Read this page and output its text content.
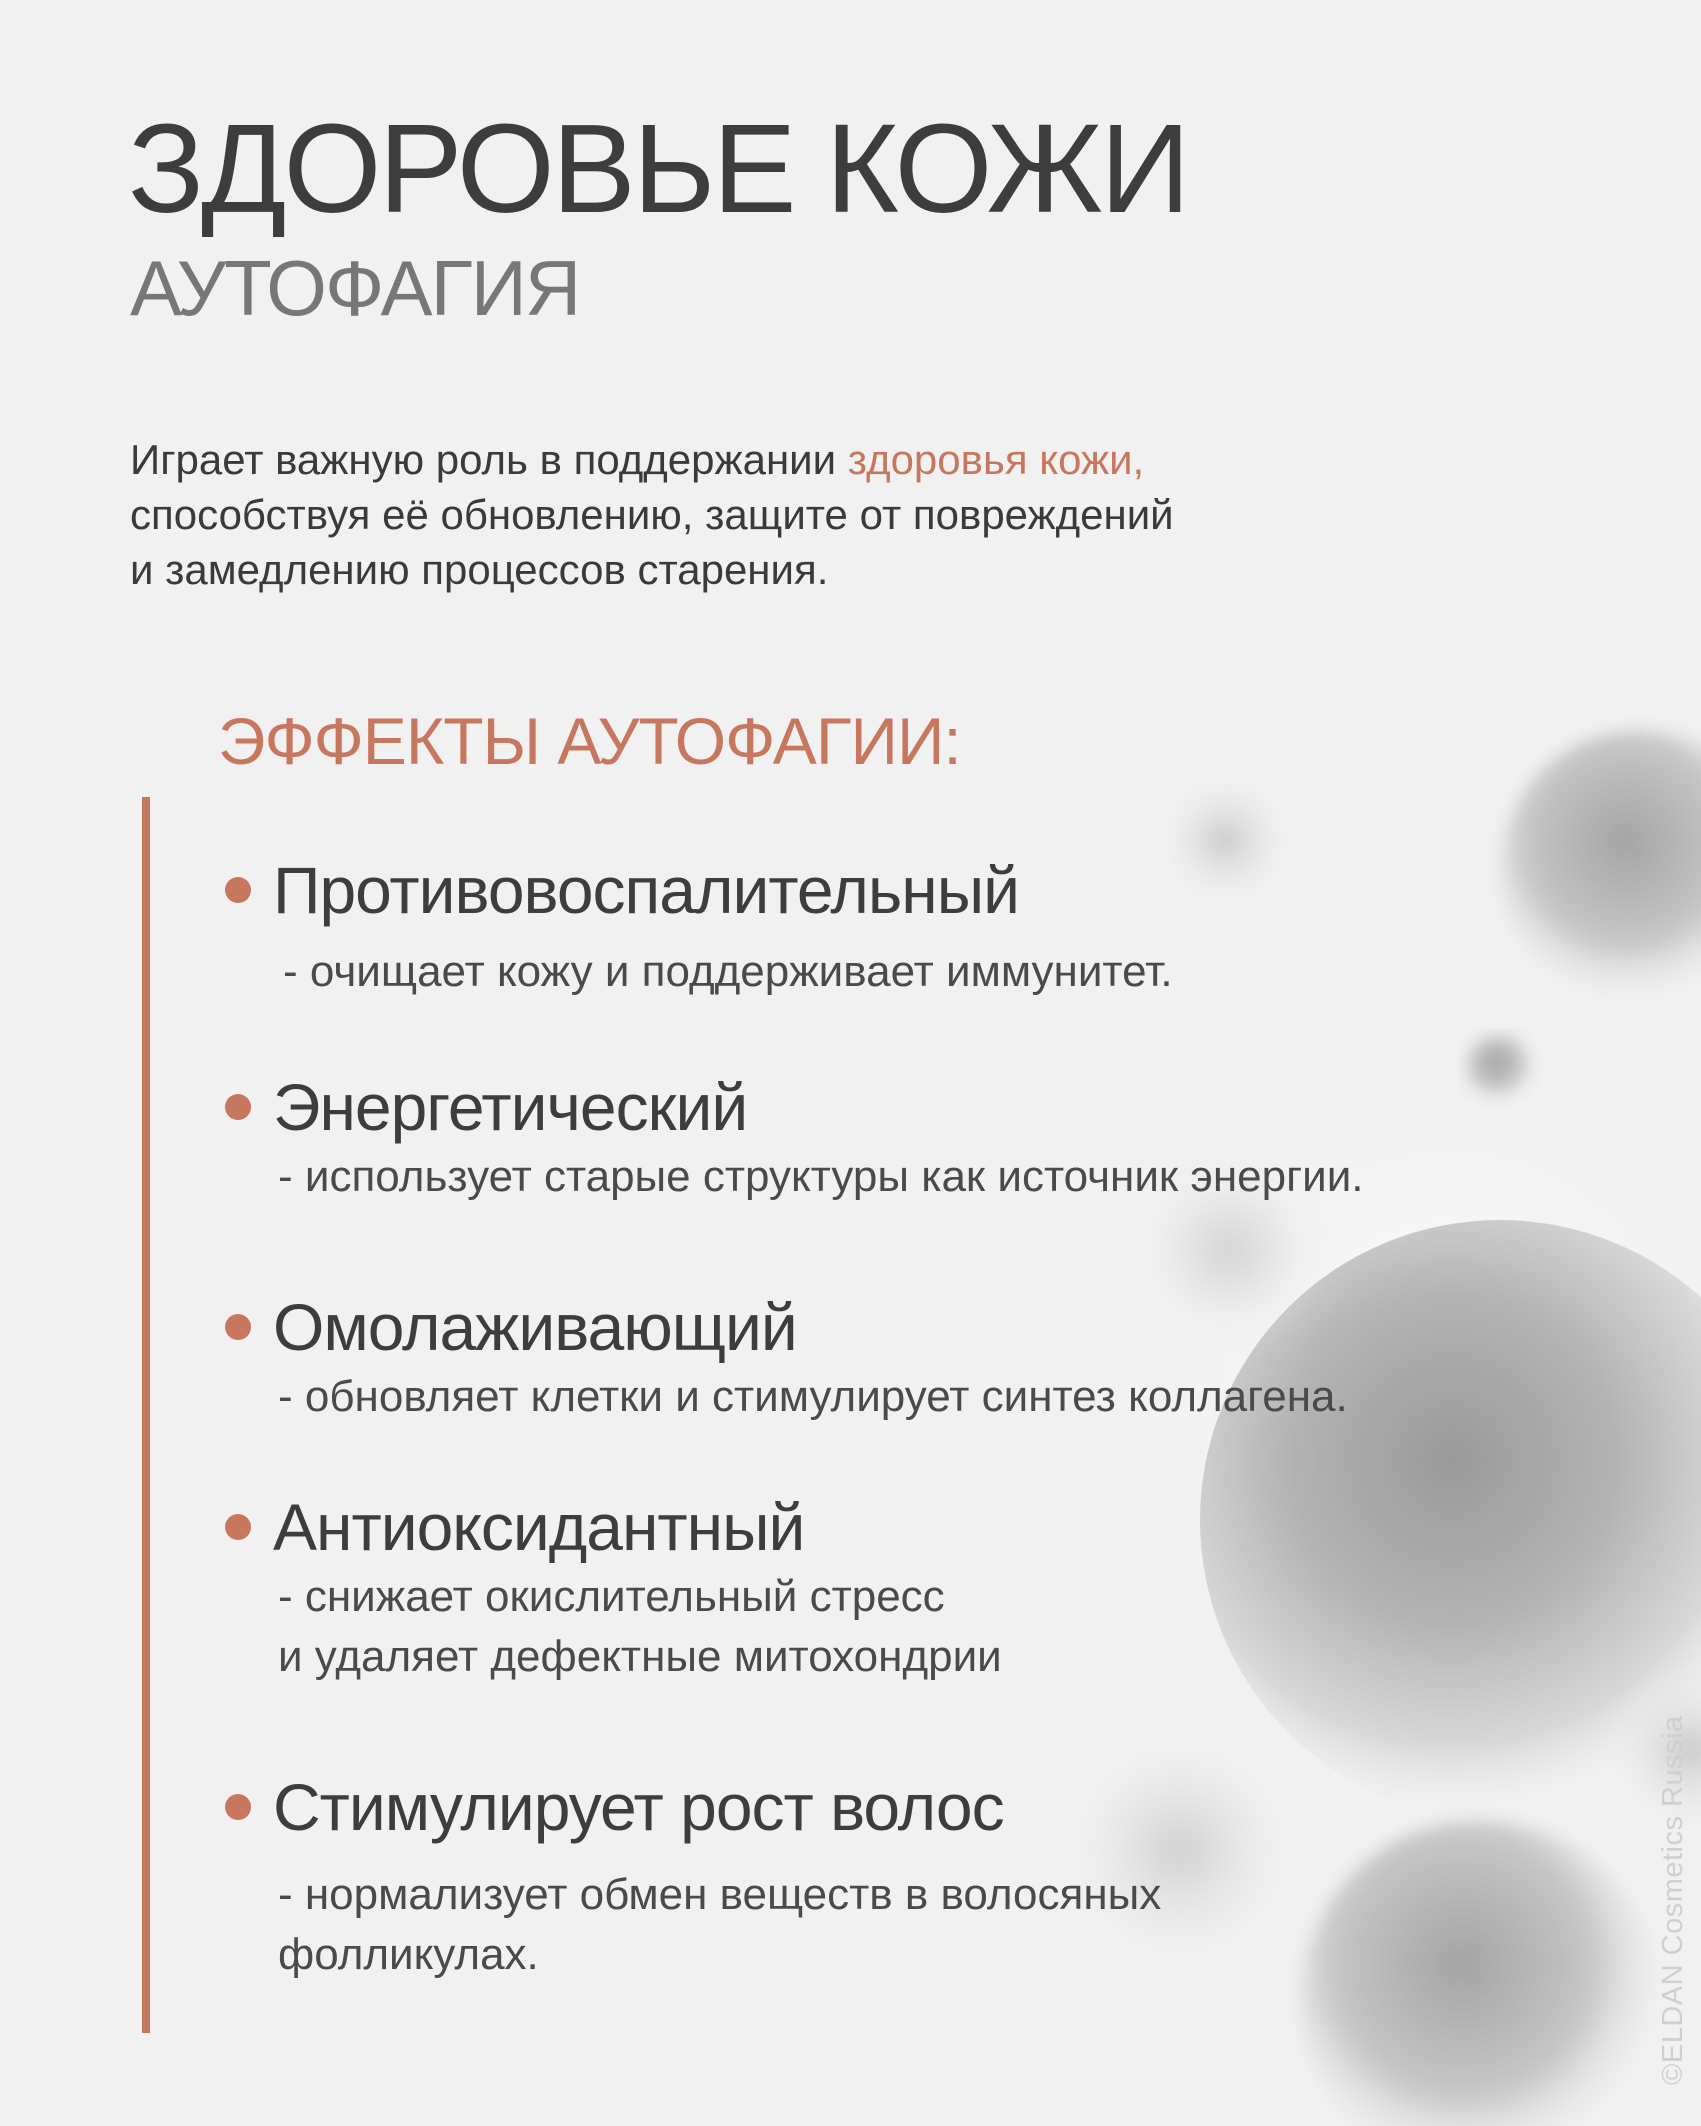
ЗДОРОВЬЕ КОЖИ
АУТОФАГИЯ

Играет важную роль в поддержании здоровья кожи,
способствуя её обновлению, защите от повреждений
и замедлению процессов старения.

ЭФФЕКТЫ АУТОФАГИИ:
Противовоспалительный
- очищает кожу и поддерживает иммунитет.
Энергетический
- использует старые структуры как источник энергии.
Омолаживающий
- обновляет клетки и стимулирует синтез коллагена.
Антиоксидантный
- снижает окислительный стресс
и удаляет дефектные митохондрии
Стимулирует рост волос
- нормализует обмен веществ в волосяных
фолликулах.	©ELDAN Cosmetics Russia
